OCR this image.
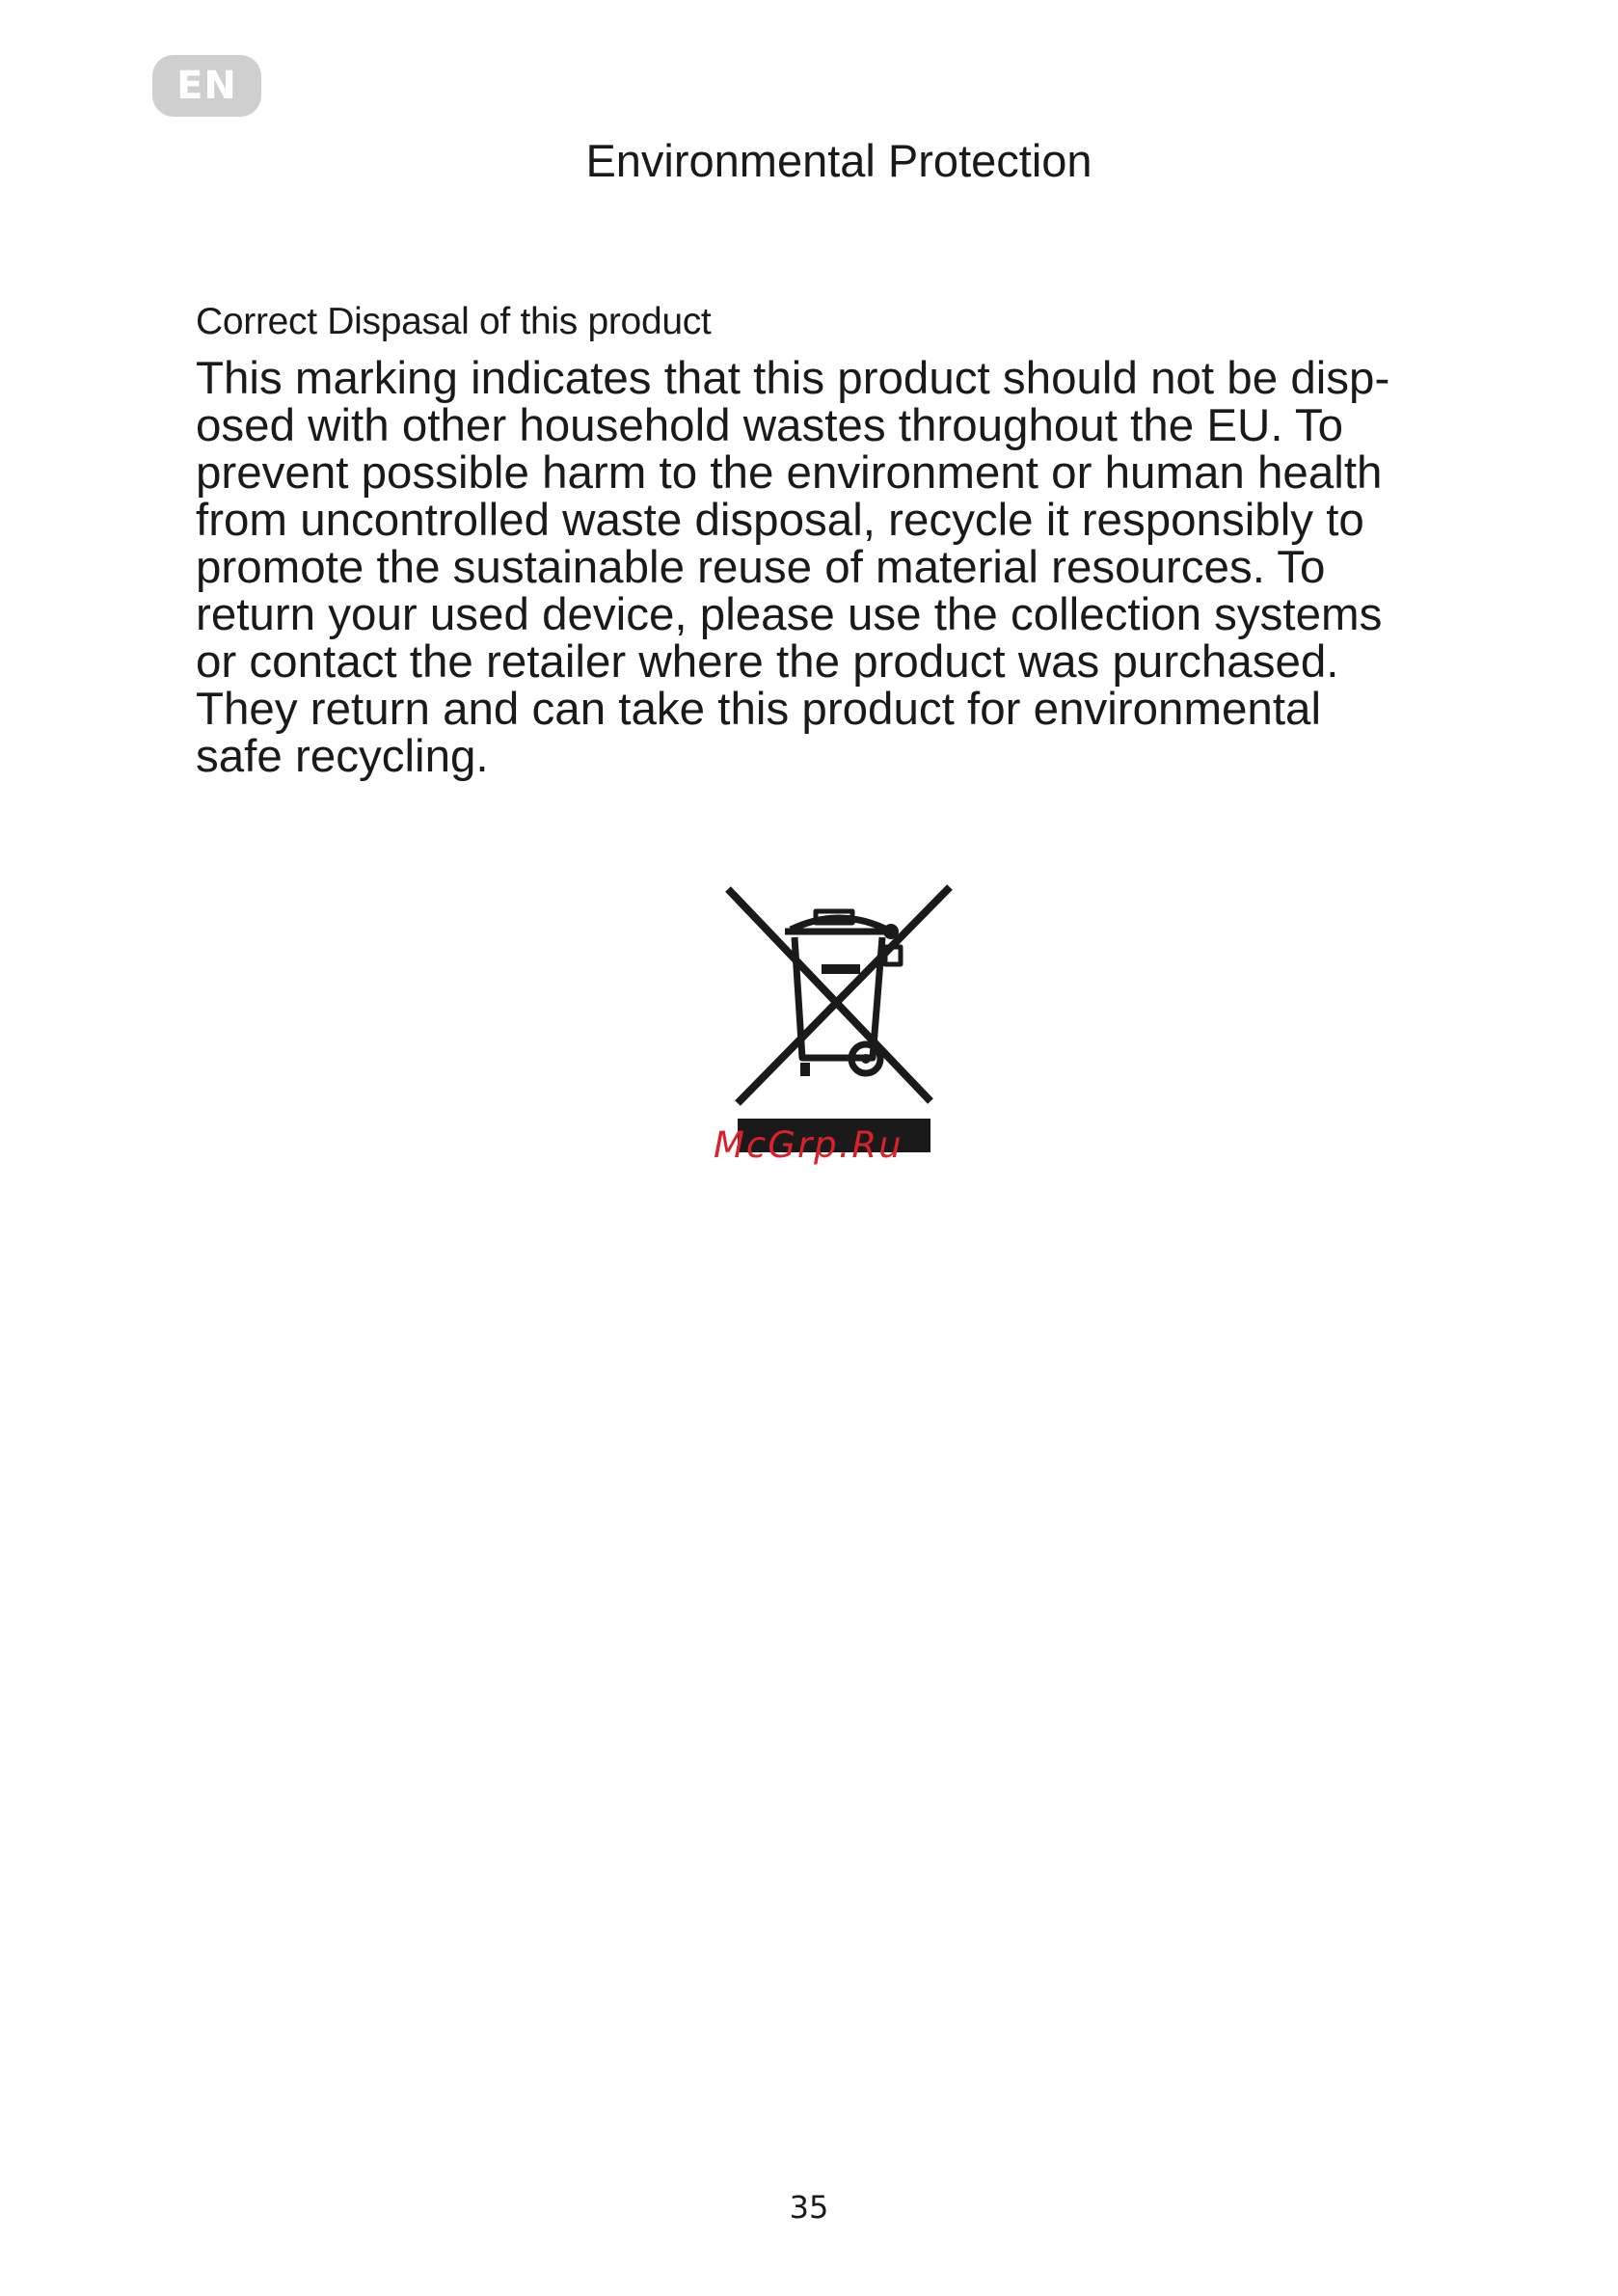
EN
Environmental Protection

Correct Dispasal of this product

This marking indicates that this product should not be disp-
osed with other household wastes throughout the EU. To
prevent possible harm to the environment or human health
from uncontrolled waste disposal, recycle it responsibly to
promote the sustainable reuse of material resources. To
return your used device, please use the collection systems
or contact the retailer where the product was purchased.
They return and can take this product for environmental
safe recycling.

McGrp.Ru
35
